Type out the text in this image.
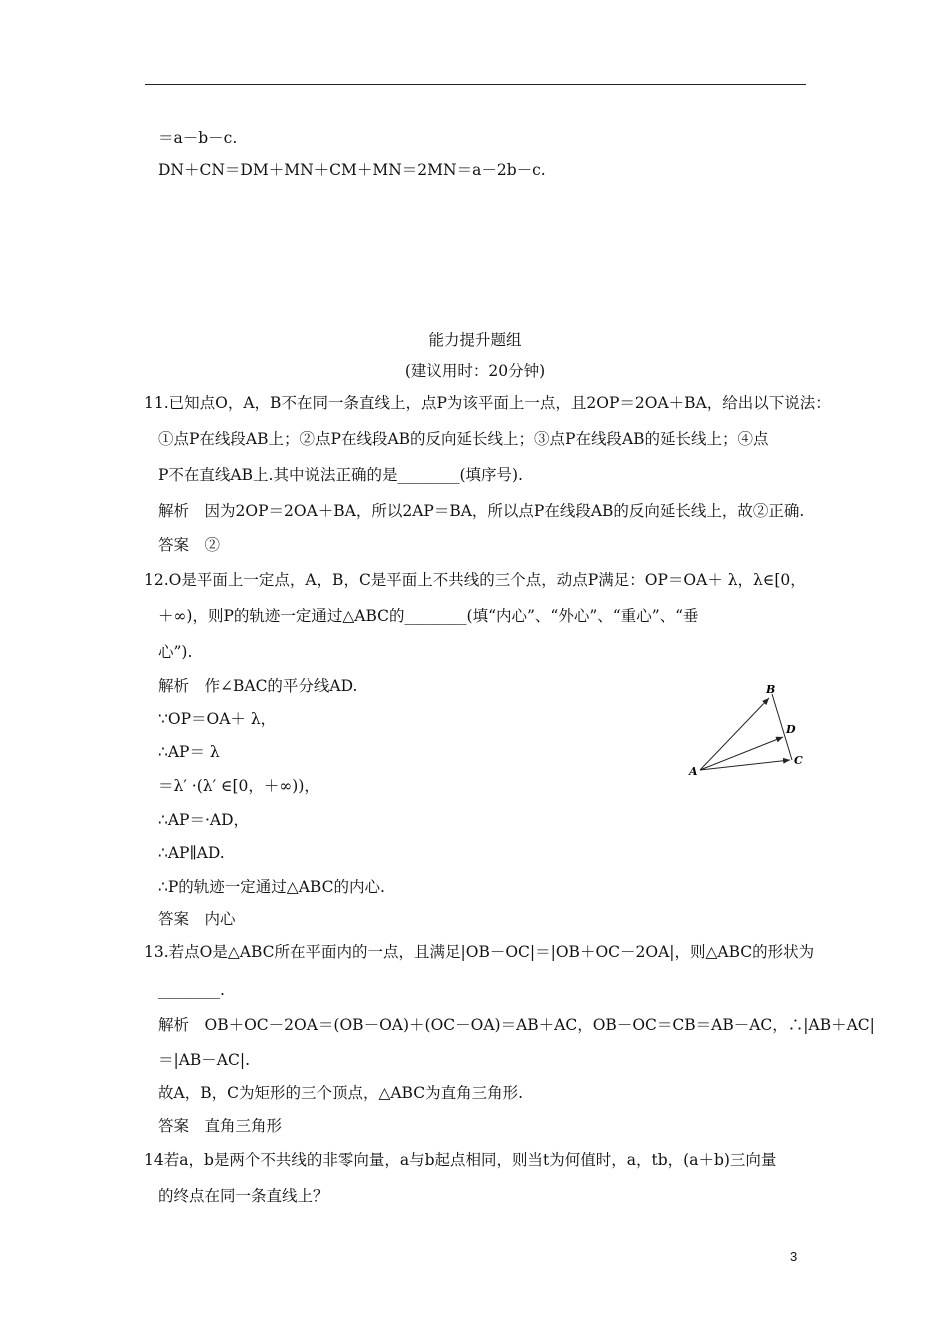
＝a－b－c.
DN＋CN＝DM＋MN＋CM＋MN＝2MN＝a－2b－c.
能力提升题组
(建议用时：20分钟)
11.已知点O，A，B不在同一条直线上，点P为该平面上一点，且2OP＝2OA＋BA，给出以下说法：
①点P在线段AB上；②点P在线段AB的反向延长线上；③点P在线段AB的延长线上；④点
P不在直线AB上.其中说法正确的是________(填序号).
解析　因为2OP＝2OA＋BA，所以2AP＝BA，所以点P在线段AB的反向延长线上，故②正确.
答案　②
12.O是平面上一定点，A，B，C是平面上不共线的三个点，动点P满足：OP＝OA＋ λ，λ∈[0，
＋∞)，则P的轨迹一定通过△ABC的________(填“内心”、“外心”、“重心”、“垂
心”).
解析　作∠BAC的平分线AD.
∵OP＝OA＋ λ，
∴AP＝ λ
＝λ′ ·(λ′ ∈[0，＋∞))，
∴AP＝·AD，
∴AP∥AD.
∴P的轨迹一定通过△ABC的内心.
答案　内心
A
B
C
D
13.若点O是△ABC所在平面内的一点，且满足|OB－OC|＝|OB＋OC－2OA|，则△ABC的形状为
________.
解析　OB＋OC－2OA＝(OB－OA)＋(OC－OA)＝AB＋AC，OB－OC＝CB＝AB－AC，∴|AB＋AC|
＝|AB－AC|.
故A，B，C为矩形的三个顶点，△ABC为直角三角形.
答案　直角三角形
14若a，b是两个不共线的非零向量，a与b起点相同，则当t为何值时，a，tb，(a＋b)三向量
的终点在同一条直线上？
3
